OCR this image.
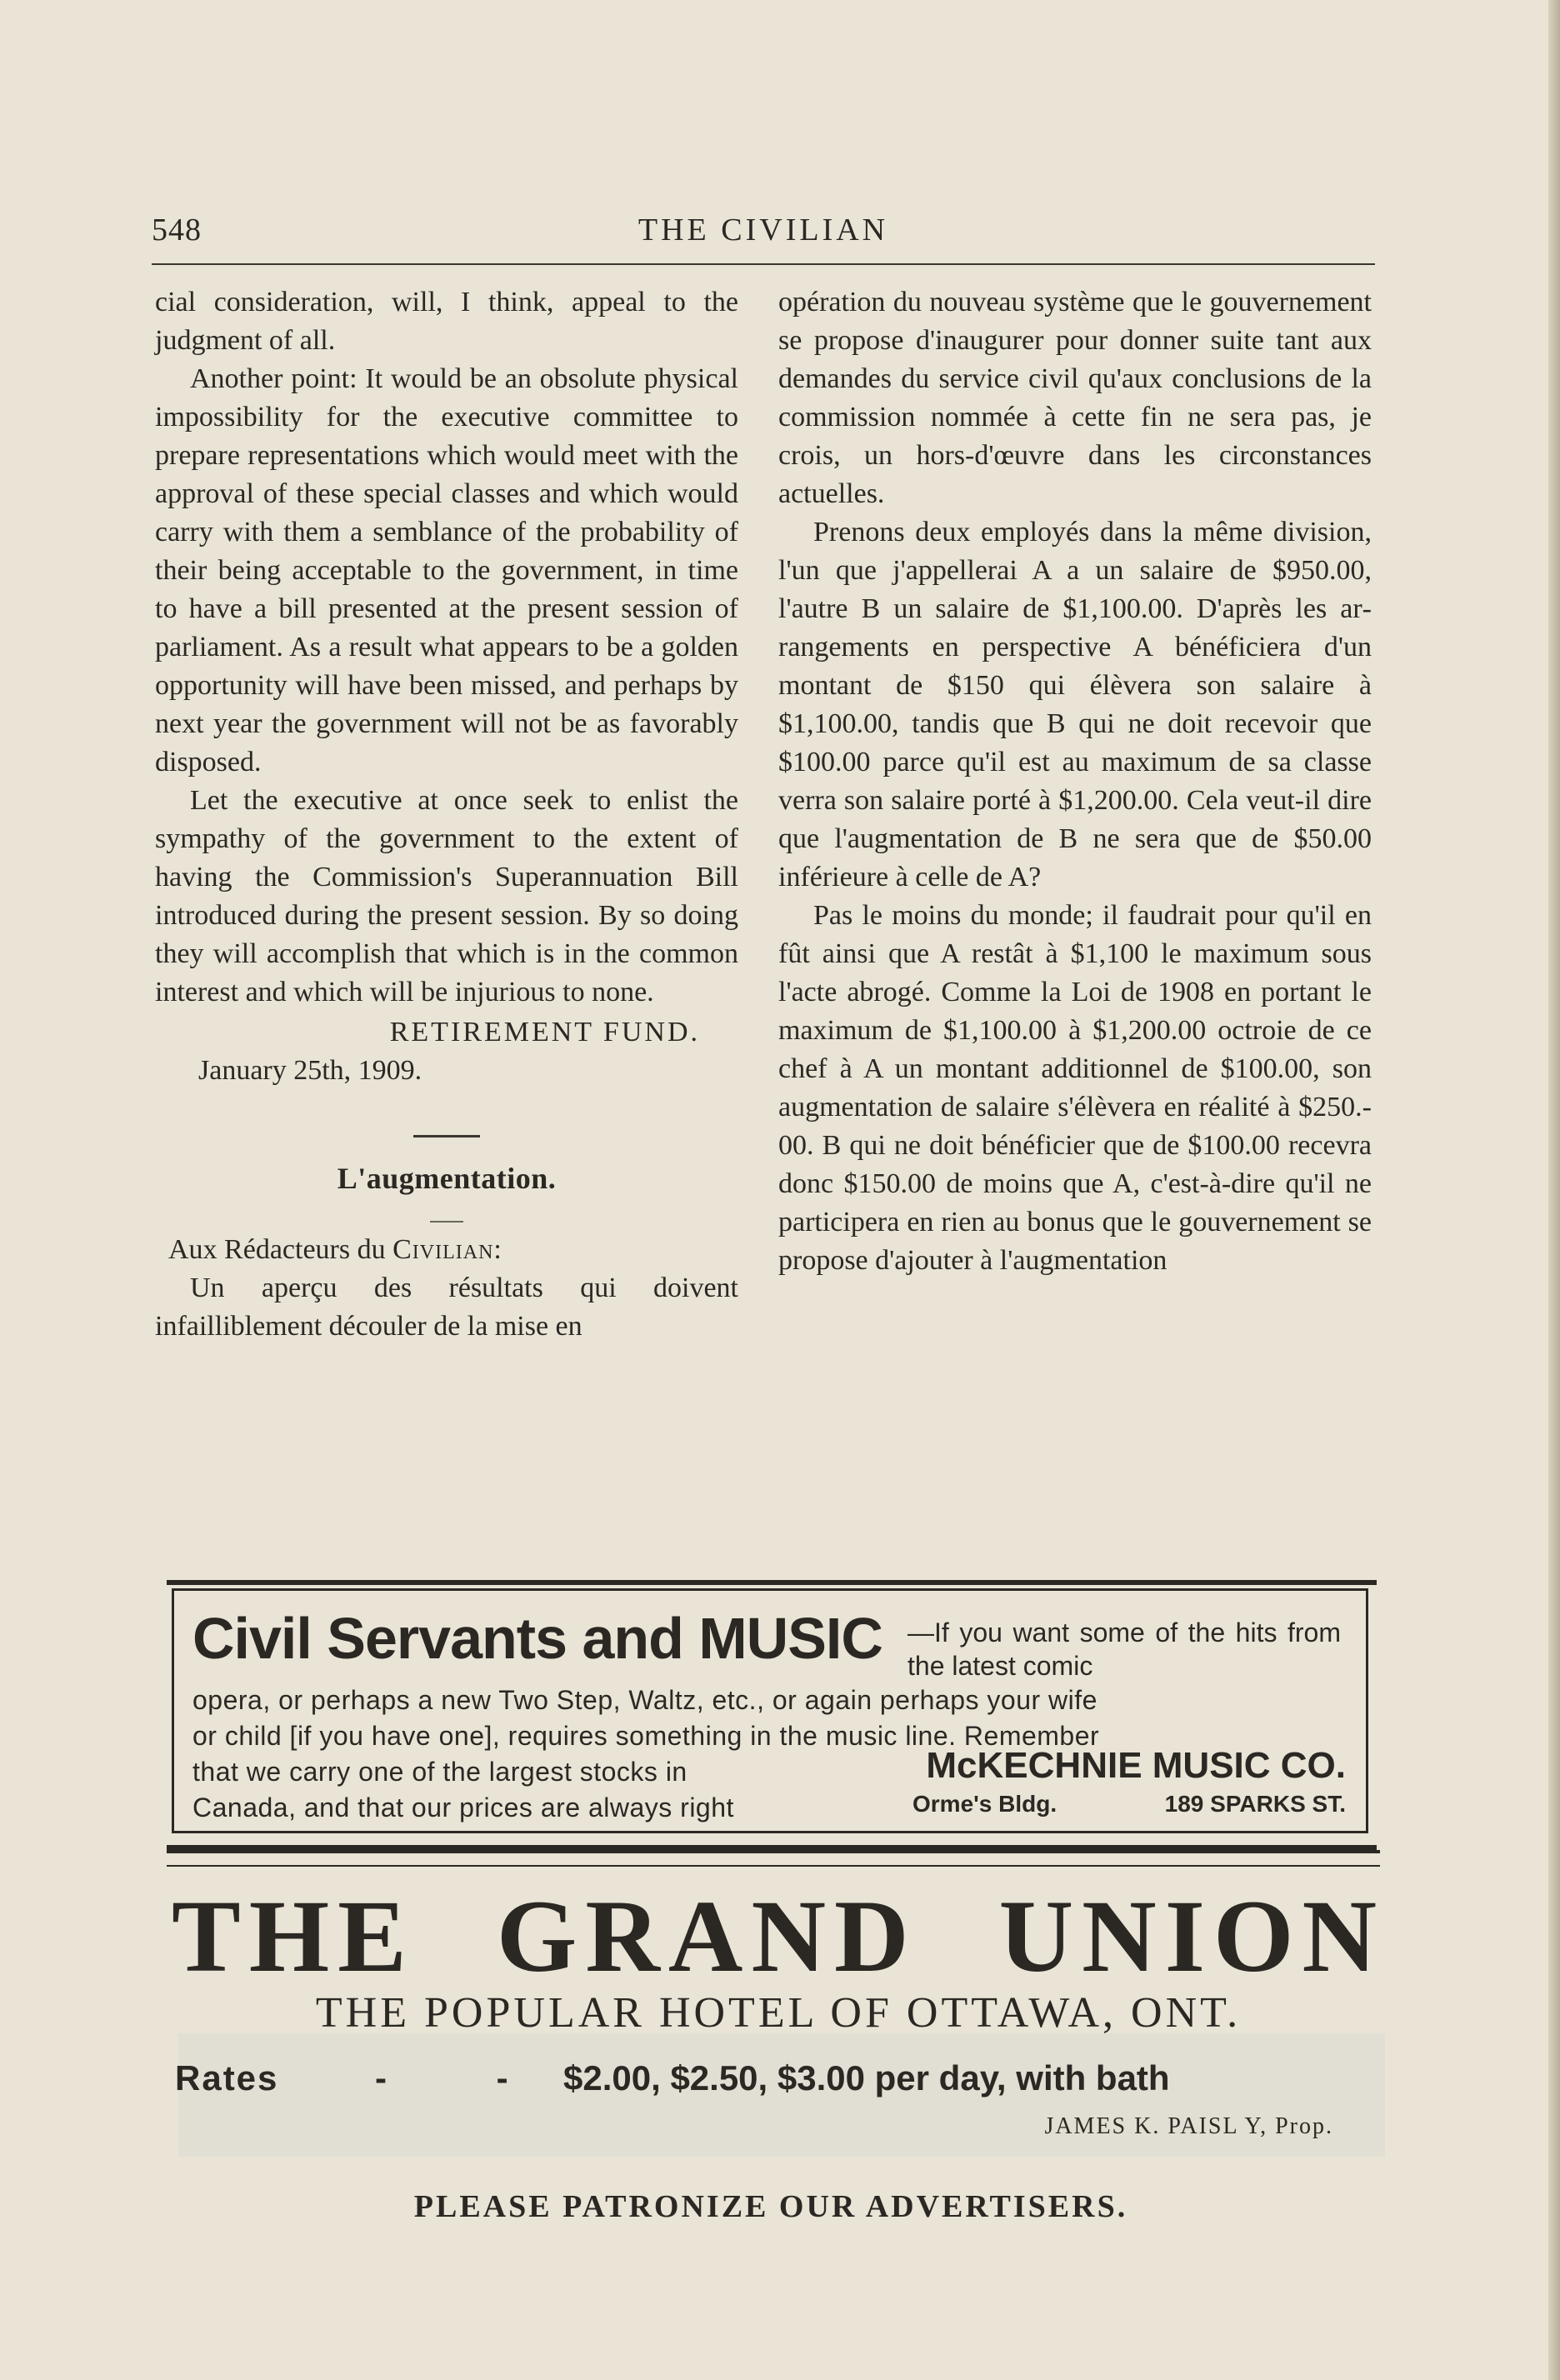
548	THE CIVILIAN

cial consideration, will, I think, appeal to the judgment of all.

Another point: It would be an obsolute physical impossibility for the executive committee to prepare representations which would meet with the approval of these special classes and which would carry with them a semblance of the probability of their being acceptable to the government, in time to have a bill presented at the present session of parliament. As a result what appears to be a golden opportunity will have been missed, and perhaps by next year the government will not be as favorably disposed.

Let the executive at once seek to enlist the sympathy of the government to the extent of having the Commission's Superannuation Bill introduced during the present session. By so doing they will accomplish that which is in the common interest and which will be injurious to none.

RETIREMENT FUND.

January 25th, 1909.

L'augmentation.

Aux Rédacteurs du Civilian:

Un aperçu des résultats qui doivent infailliblement découler de la mise en

opération du nouveau système que le gouvernement se propose d'inaugurer pour donner suite tant aux demandes du service civil qu'aux conclusions de la commission nommée à cette fin ne sera pas, je crois, un hors-d'œuvre dans les circonstances actuelles.

Prenons deux employés dans la même division, l'un que j'appellerai A a un salaire de $950.00, l'autre B un salaire de $1,100.00. D'après les arrangements en perspective A bénéficiera d'un montant de $150 qui élèvera son salaire à $1,100.00, tandis que B qui ne doit recevoir que $100.00 parce qu'il est au maximum de sa classe verra son salaire porté à $1,200.00. Cela veut-il dire que l'augmentation de B ne sera que de $50.00 inférieure à celle de A?

Pas le moins du monde; il faudrait pour qu'il en fût ainsi que A restât à $1,100 le maximum sous l'acte abrogé. Comme la Loi de 1908 en portant le maximum de $1,100.00 à $1,200.00 octroie de ce chef à A un montant additionnel de $100.00, son augmentation de salaire s'élèvera en réalité à $250.00. B qui ne doit bénéficier que de $100.00 recevra donc $150.00 de moins que A, c'est-à-dire qu'il ne participera en rien au bonus que le gouvernement se propose d'ajouter à l'augmentation

Civil Servants and MUSIC —If you want some of the hits from the latest comic
opera, or perhaps a new Two Step, Waltz, etc., or again perhaps your wife
or child [if you have one], requires something in the music line. Remember
that we carry one of the largest stocks in
Canada, and that our prices are always right
McKECHNIE MUSIC CO.
Orme's Bldg.	189 SPARKS ST.
THE GRAND UNION
THE POPULAR HOTEL OF OTTAWA, ONT.
Rates	- - $2.00, $2.50, $3.00 per day, with bath
JAMES K. PAISL Y, Prop.
PLEASE PATRONIZE OUR ADVERTISERS.
